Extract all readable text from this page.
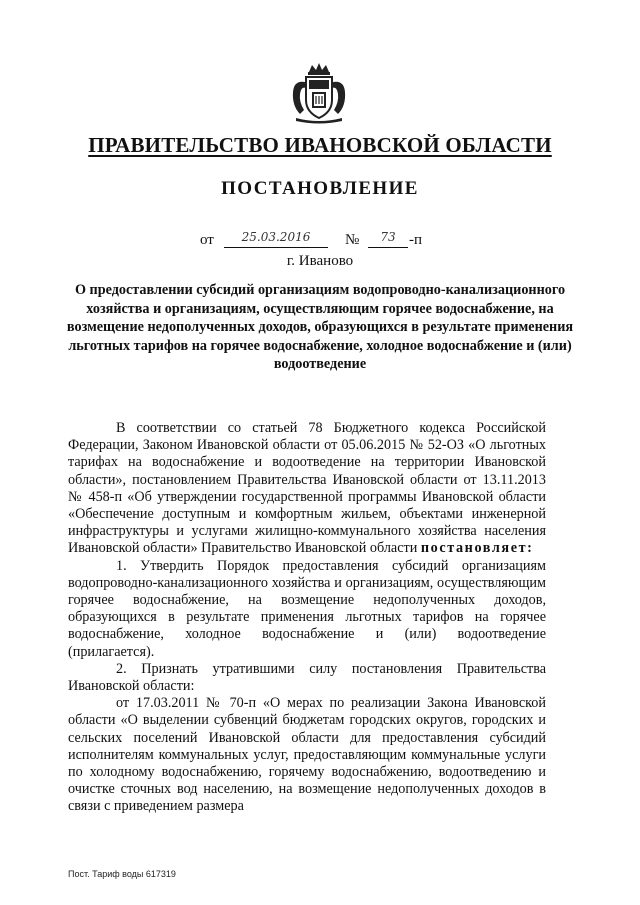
ПРАВИТЕЛЬСТВО ИВАНОВСКОЙ ОБЛАСТИ
ПОСТАНОВЛЕНИЕ
от	25.03.2016	№	73 -п
г. Иваново
О предоставлении субсидий организациям водопроводно-канализационного хозяйства и организациям, осуществляющим горячее водоснабжение, на возмещение недополученных доходов, образующихся в результате применения льготных тарифов на горячее водоснабжение, холодное водоснабжение и (или) водоотведение

В соответствии со статьей 78 Бюджетного кодекса Российской Федерации, Законом Ивановской области от 05.06.2015 № 52-ОЗ «О льготных тарифах на водоснабжение и водоотведение на территории Ивановской области», постановлением Правительства Ивановской области от 13.11.2013 № 458-п «Об утверждении государственной программы Ивановской области «Обеспечение доступным и комфортным жильем, объектами инженерной инфраструктуры и услугами жилищно-коммунального хозяйства населения Ивановской области» Правительство Ивановской области постановляет:

1. Утвердить Порядок предоставления субсидий организациям водопроводно-канализационного хозяйства и организациям, осуществляющим горячее водоснабжение, на возмещение недополученных доходов, образующихся в результате применения льготных тарифов на горячее водоснабжение, холодное водоснабжение и (или) водоотведение (прилагается).

2. Признать утратившими силу постановления Правительства Ивановской области:

от 17.03.2011 № 70-п «О мерах по реализации Закона Ивановской области «О выделении субвенций бюджетам городских округов, городских и сельских поселений Ивановской области для предоставления субсидий исполнителям коммунальных услуг, предоставляющим коммунальные услуги по холодному водоснабжению, горячему водоснабжению, водоотведению и очистке сточных вод населению, на возмещение недополученных доходов в связи с приведением размера

Пост. Тариф воды 617319
